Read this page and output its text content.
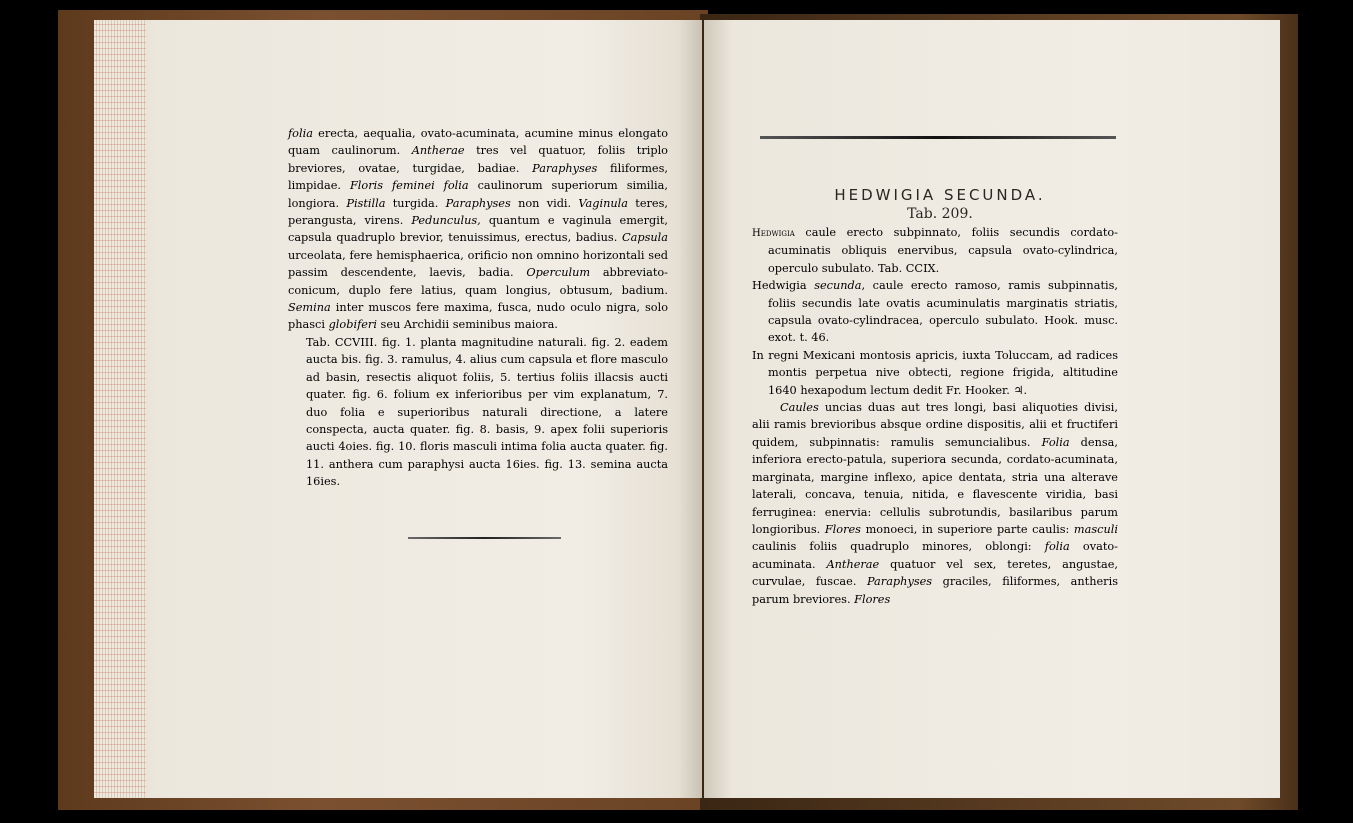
folia erecta, aequalia, ovato-acuminata, acumine minus elongato quam caulinorum. Antherae tres vel quatuor, foliis triplo breviores, ovatae, turgidae, badiae. Paraphyses filiformes, limpidae. Floris feminei folia caulinorum superiorum similia, longiora. Pistilla turgida. Paraphyses non vidi. Vaginula teres, perangusta, virens. Pedunculus, quantum e vaginula emergit, capsula quadruplo brevior, tenuissimus, erectus, badius. Capsula urceolata, fere hemisphaerica, orificio non omnino horizontali sed passim descendente, laevis, badia. Operculum abbreviato-conicum, duplo fere latius, quam longius, obtusum, badium. Semina inter muscos fere maxima, fusca, nudo oculo nigra, solo phasci globiferi seu Archidii seminibus maiora.

Tab. CCVIII. fig. 1. planta magnitudine naturali. fig. 2. eadem aucta bis. fig. 3. ramulus, 4. alius cum capsula et flore masculo ad basin, resectis aliquot foliis, 5. tertius foliis illacsis aucti quater. fig. 6. folium ex inferioribus per vim explanatum, 7. duo folia e superioribus naturali directione, a latere conspecta, aucta quater. fig. 8. basis, 9. apex folii superioris aucti 4oies. fig. 10. floris masculi intima folia aucta quater. fig. 11. anthera cum paraphysi aucta 16ies. fig. 13. semina aucta 16ies.

HEDWIGIA SECUNDA.
Tab. 209.

Hedwigia caule erecto subpinnato, foliis secundis cordato-acuminatis obliquis enervibus, capsula ovato-cylindrica, operculo subulato. Tab. CCIX.

Hedwigia secunda, caule erecto ramoso, ramis subpinnatis, foliis secundis late ovatis acuminulatis marginatis striatis, capsula ovato-cylindracea, operculo subulato. Hook. musc. exot. t. 46.

In regni Mexicani montosis apricis, iuxta Toluccam, ad radices montis perpetua nive obtecti, regione frigida, altitudine 1640 hexapodum lectum dedit Fr. Hooker. ♃.

Caules uncias duas aut tres longi, basi aliquoties divisi, alii ramis brevioribus absque ordine dispositis, alii et fructiferi quidem, subpinnatis: ramulis semuncialibus. Folia densa, inferiora erecto-patula, superiora secunda, cordato-acuminata, marginata, margine inflexo, apice dentata, stria una alterave laterali, concava, tenuia, nitida, e flavescente viridia, basi ferruginea: enervia: cellulis subrotundis, basilaribus parum longioribus. Flores monoeci, in superiore parte caulis: masculi caulinis foliis quadruplo minores, oblongi: folia ovato-acuminata. Antherae quatuor vel sex, teretes, angustae, curvulae, fuscae. Paraphyses graciles, filiformes, antheris parum breviores. Flores
